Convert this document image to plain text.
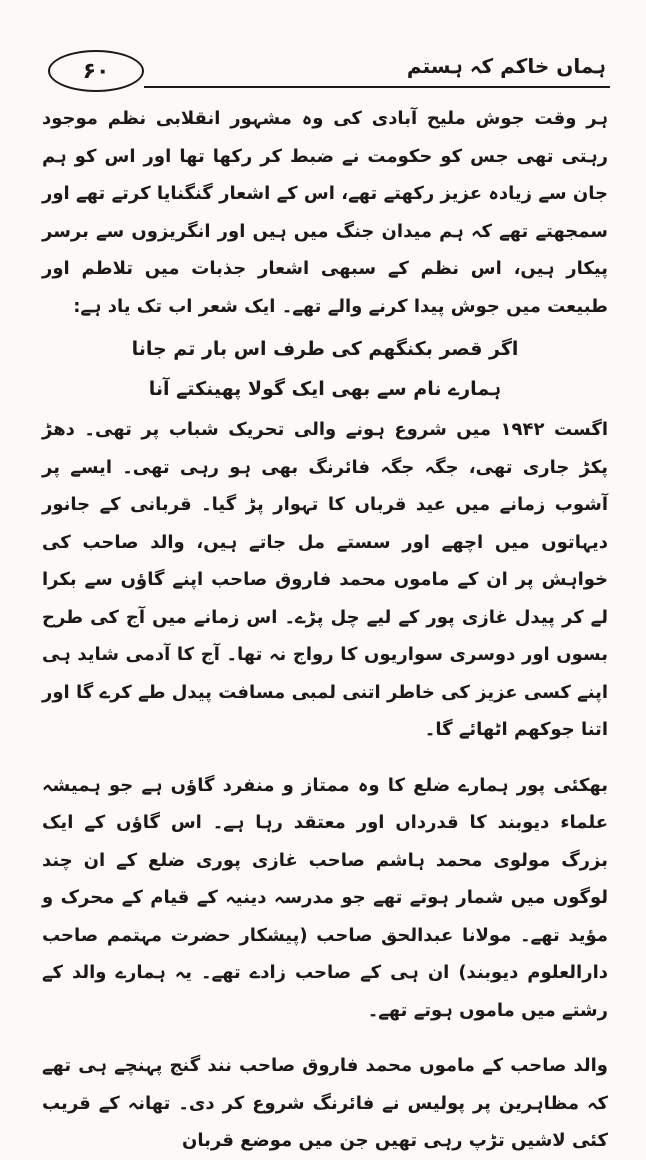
۶۰	ہماں خاکم کہ ہستم

ہر وقت جوش ملیح آبادی کی وہ مشہور انقلابی نظم موجود رہتی تھی جس کو حکومت نے ضبط کر رکھا تھا اور اس کو ہم جان سے زیادہ عزیز رکھتے تھے، اس کے اشعار گنگنایا کرتے تھے اور سمجھتے تھے کہ ہم میدان جنگ میں ہیں اور انگریزوں سے برسر پیکار ہیں، اس نظم کے سبھی اشعار جذبات میں تلاطم اور طبیعت میں جوش پیدا کرنے والے تھے۔ ایک شعر اب تک یاد ہے:

اگر قصر بکنگھم کی طرف اس بار تم جانا
ہمارے نام سے بھی ایک گولا پھینکتے آنا

اگست ۱۹۴۲ میں شروع ہونے والی تحریک شباب پر تھی۔ دھڑ پکڑ جاری تھی، جگہ جگہ فائرنگ بھی ہو رہی تھی۔ ایسے پر آشوب زمانے میں عید قرباں کا تہوار پڑ گیا۔ قربانی کے جانور دیہاتوں میں اچھے اور سستے مل جاتے ہیں، والد صاحب کی خواہش پر ان کے ماموں محمد فاروق صاحب اپنے گاؤں سے بکرا لے کر پیدل غازی پور کے لیے چل پڑے۔ اس زمانے میں آج کی طرح بسوں اور دوسری سواریوں کا رواج نہ تھا۔ آج کا آدمی شاید ہی اپنے کسی عزیز کی خاطر اتنی لمبی مسافت پیدل طے کرے گا اور اتنا جوکھم اٹھائے گا۔

بھکئی پور ہمارے ضلع کا وہ ممتاز و منفرد گاؤں ہے جو ہمیشہ علماء دیوبند کا قدرداں اور معتقد رہا ہے۔ اس گاؤں کے ایک بزرگ مولوی محمد ہاشم صاحب غازی پوری ضلع کے ان چند لوگوں میں شمار ہوتے تھے جو مدرسہ دینیہ کے قیام کے محرک و مؤید تھے۔ مولانا عبدالحق صاحب (پیشکار حضرت مہتمم صاحب دارالعلوم دیوبند) ان ہی کے صاحب زادے تھے۔ یہ ہمارے والد کے رشتے میں ماموں ہوتے تھے۔

والد صاحب کے ماموں محمد فاروق صاحب نند گنج پہنچے ہی تھے کہ مظاہرین پر پولیس نے فائرنگ شروع کر دی۔ تھانہ کے قریب کئی لاشیں تڑپ رہی تھیں جن میں موضع قربان
